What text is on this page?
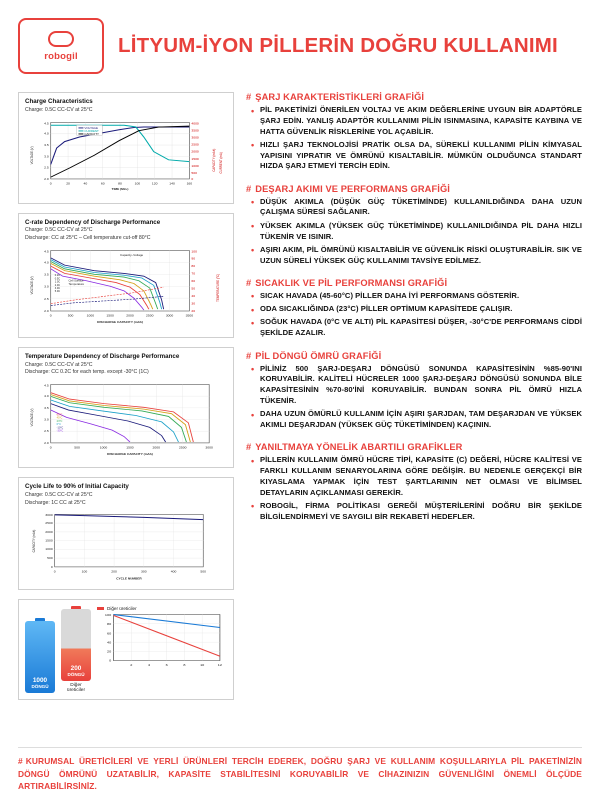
robogil LİTYUM-İYON PİLLERİN DOĞRU KULLANIMI
Charge Characteristics
Charge: 0.5C CC-CV at 25°C
2.0
2.5
3.0
3.5
4.0
4.5
0	20	40	60	80	100	120	140	160
4000
3500
3000
2500
2000
1500
1000
500
0
VOLTAGE (V)
TIME (Min.)
CAPACITY (mAh) CURRENT (mA)
VOLTAGE
CURRENT
CAPACITY
C-rate Dependency of Discharge Performance
Charge: 0.5C CC-CV at 25°C
Discharge: CC at 25°C – Cell temperature cut-off 80°C
2.0
2.5
3.0
3.5
4.0
4.5
0	500	1000	1500	2000	2500	3000	3500
20
30
40
50
60
70
80
90
100
VOLTAGE (V)
DISCHARGE CAPACITY (mAh)
TEMPERATURE (°C)
Capacity–Voltage
Cell Surface
Temperature
0.2C
0.5C
1.0C
2.0C
3.0C
5.0C
Temperature Dependency of Discharge Performance
Charge: 0.5C CC-CV at 25°C
Discharge: CC 0.2C for each temp. except -30°C (1C)
2.0
2.5
3.0
3.5
4.0
4.5
0	500	1000	1500	2000	2500	3000
VOLTAGE (V)
DISCHARGE CAPACITY (mAh)
60°C
45°C
23°C
0°C
-10°C
-30°C
Cycle Life to 90% of Initial Capacity
Charge: 0.5C CC-CV at 25°C
Discharge: 1C CC at 25°C
0
500
1000
1500
2000
2500
3000
0	100	200	300	400	500
CAPACITY (mAh)
CYCLE NUMBER
1000
DÖNGÜ
200
DÖNGÜ
Diğer üreticiler
Diğer üreticiler
100
80
60
40
20
0
2	4	6	8	10	12
# ŞARJ KARAKTERİSTİKLERİ GRAFİĞİ
• PİL PAKETİNİZİ ÖNERİLEN VOLTAJ VE AKIM DEĞERLERİNE UYGUN BİR ADAPTÖRLE ŞARJ EDİN. YANLIŞ ADAPTÖR KULLANIMI PİLİN ISINMASINA, KAPASİTE KAYBINA VE HATTA GÜVENLİK RİSKLERİNE YOL AÇABİLİR.
• HIZLI ŞARJ TEKNOLOJİSİ PRATİK OLSA DA, SÜREKLİ KULLANIMI PİLİN KİMYASAL YAPISINI YIPRATIR VE ÖMRÜNÜ KISALTABİLİR. MÜMKÜN OLDUĞUNCA STANDART HIZDA ŞARJ ETMEYİ TERCİH EDİN.
# DEŞARJ AKIMI VE PERFORMANS GRAFİĞİ
• DÜŞÜK AKIMLA (DÜŞÜK GÜÇ TÜKETİMİNDE) KULLANILDIĞINDA DAHA UZUN ÇALIŞMA SÜRESİ SAĞLANIR.
• YÜKSEK AKIMLA (YÜKSEK GÜÇ TÜKETİMİNDE) KULLANILDIĞINDA PİL DAHA HIZLI TÜKENİR VE ISINIR.
• AŞIRI AKIM, PİL ÖMRÜNÜ KISALTABİLİR VE GÜVENLİK RİSKİ OLUŞTURABİLİR. SIK VE UZUN SÜRELİ YÜKSEK GÜÇ KULLANIMI TAVSİYE EDİLMEZ.
# SICAKLIK VE PİL PERFORMANSI GRAFİĞİ
• SICAK HAVADA (45-60°C) PİLLER DAHA İYİ PERFORMANS GÖSTERİR.
• ODA SICAKLIĞINDA (23°C) PİLLER OPTİMUM KAPASİTEDE ÇALIŞIR.
• SOĞUK HAVADA (0°C VE ALTI) PİL KAPASİTESİ DÜŞER, -30°C'DE PERFORMANS CİDDİ ŞEKİLDE AZALIR.
# PİL DÖNGÜ ÖMRÜ GRAFİĞİ
• PİLİNİZ 500 ŞARJ-DEŞARJ DÖNGÜSÜ SONUNDA KAPASİTESİNİN %85-90'INI KORUYABİLİR. KALİTELİ HÜCRELER 1000 ŞARJ-DEŞARJ DÖNGÜSÜ SONUNDA BİLE KAPASİTESİNİN %70-80'İNİ KORUYABİLİR. BUNDAN SONRA PİL ÖMRÜ HIZLA TÜKENİR.
• DAHA UZUN ÖMÜRLÜ KULLANIM İÇİN AŞIRI ŞARJDAN, TAM DEŞARJDAN VE YÜKSEK AKIMLI DEŞARJDAN (YÜKSEK GÜÇ TÜKETİMİNDEN) KAÇININ.
# YANILTMAYA YÖNELİK ABARTILI GRAFİKLER
• PİLLERİN KULLANIM ÖMRÜ HÜCRE TİPİ, KAPASİTE (C) DEĞERİ, HÜCRE KALİTESİ VE FARKLI KULLANIM SENARYOLARINA GÖRE DEĞİŞİR. BU NEDENLE GERÇEKÇİ BİR KIYASLAMA YAPMAK İÇİN TEST ŞARTLARININ NET OLMASI VE BİLİMSEL DETAYLARIN AÇIKLANMASI GEREKİR.
• ROBOGİL, FİRMA POLİTİKASI GEREĞİ MÜŞTERİLERİNİ DOĞRU BİR ŞEKİLDE BİLGİLENDİRMEYİ VE SAYGILI BİR REKABETİ HEDEFLER.
# KURUMSAL ÜRETİCİLERİ VE YERLİ ÜRÜNLERİ TERCİH EDEREK, DOĞRU ŞARJ VE KULLANIM KOŞULLARIYLA PİL PAKETİNİZİN DÖNGÜ ÖMRÜNÜ UZATABİLİR, KAPASİTE STABİLİTESİNİ KORUYABİLİR VE CİHAZINIZIN GÜVENLİĞİNİ ÖNEMLİ ÖLÇÜDE ARTIRABİLİRSİNİZ.
